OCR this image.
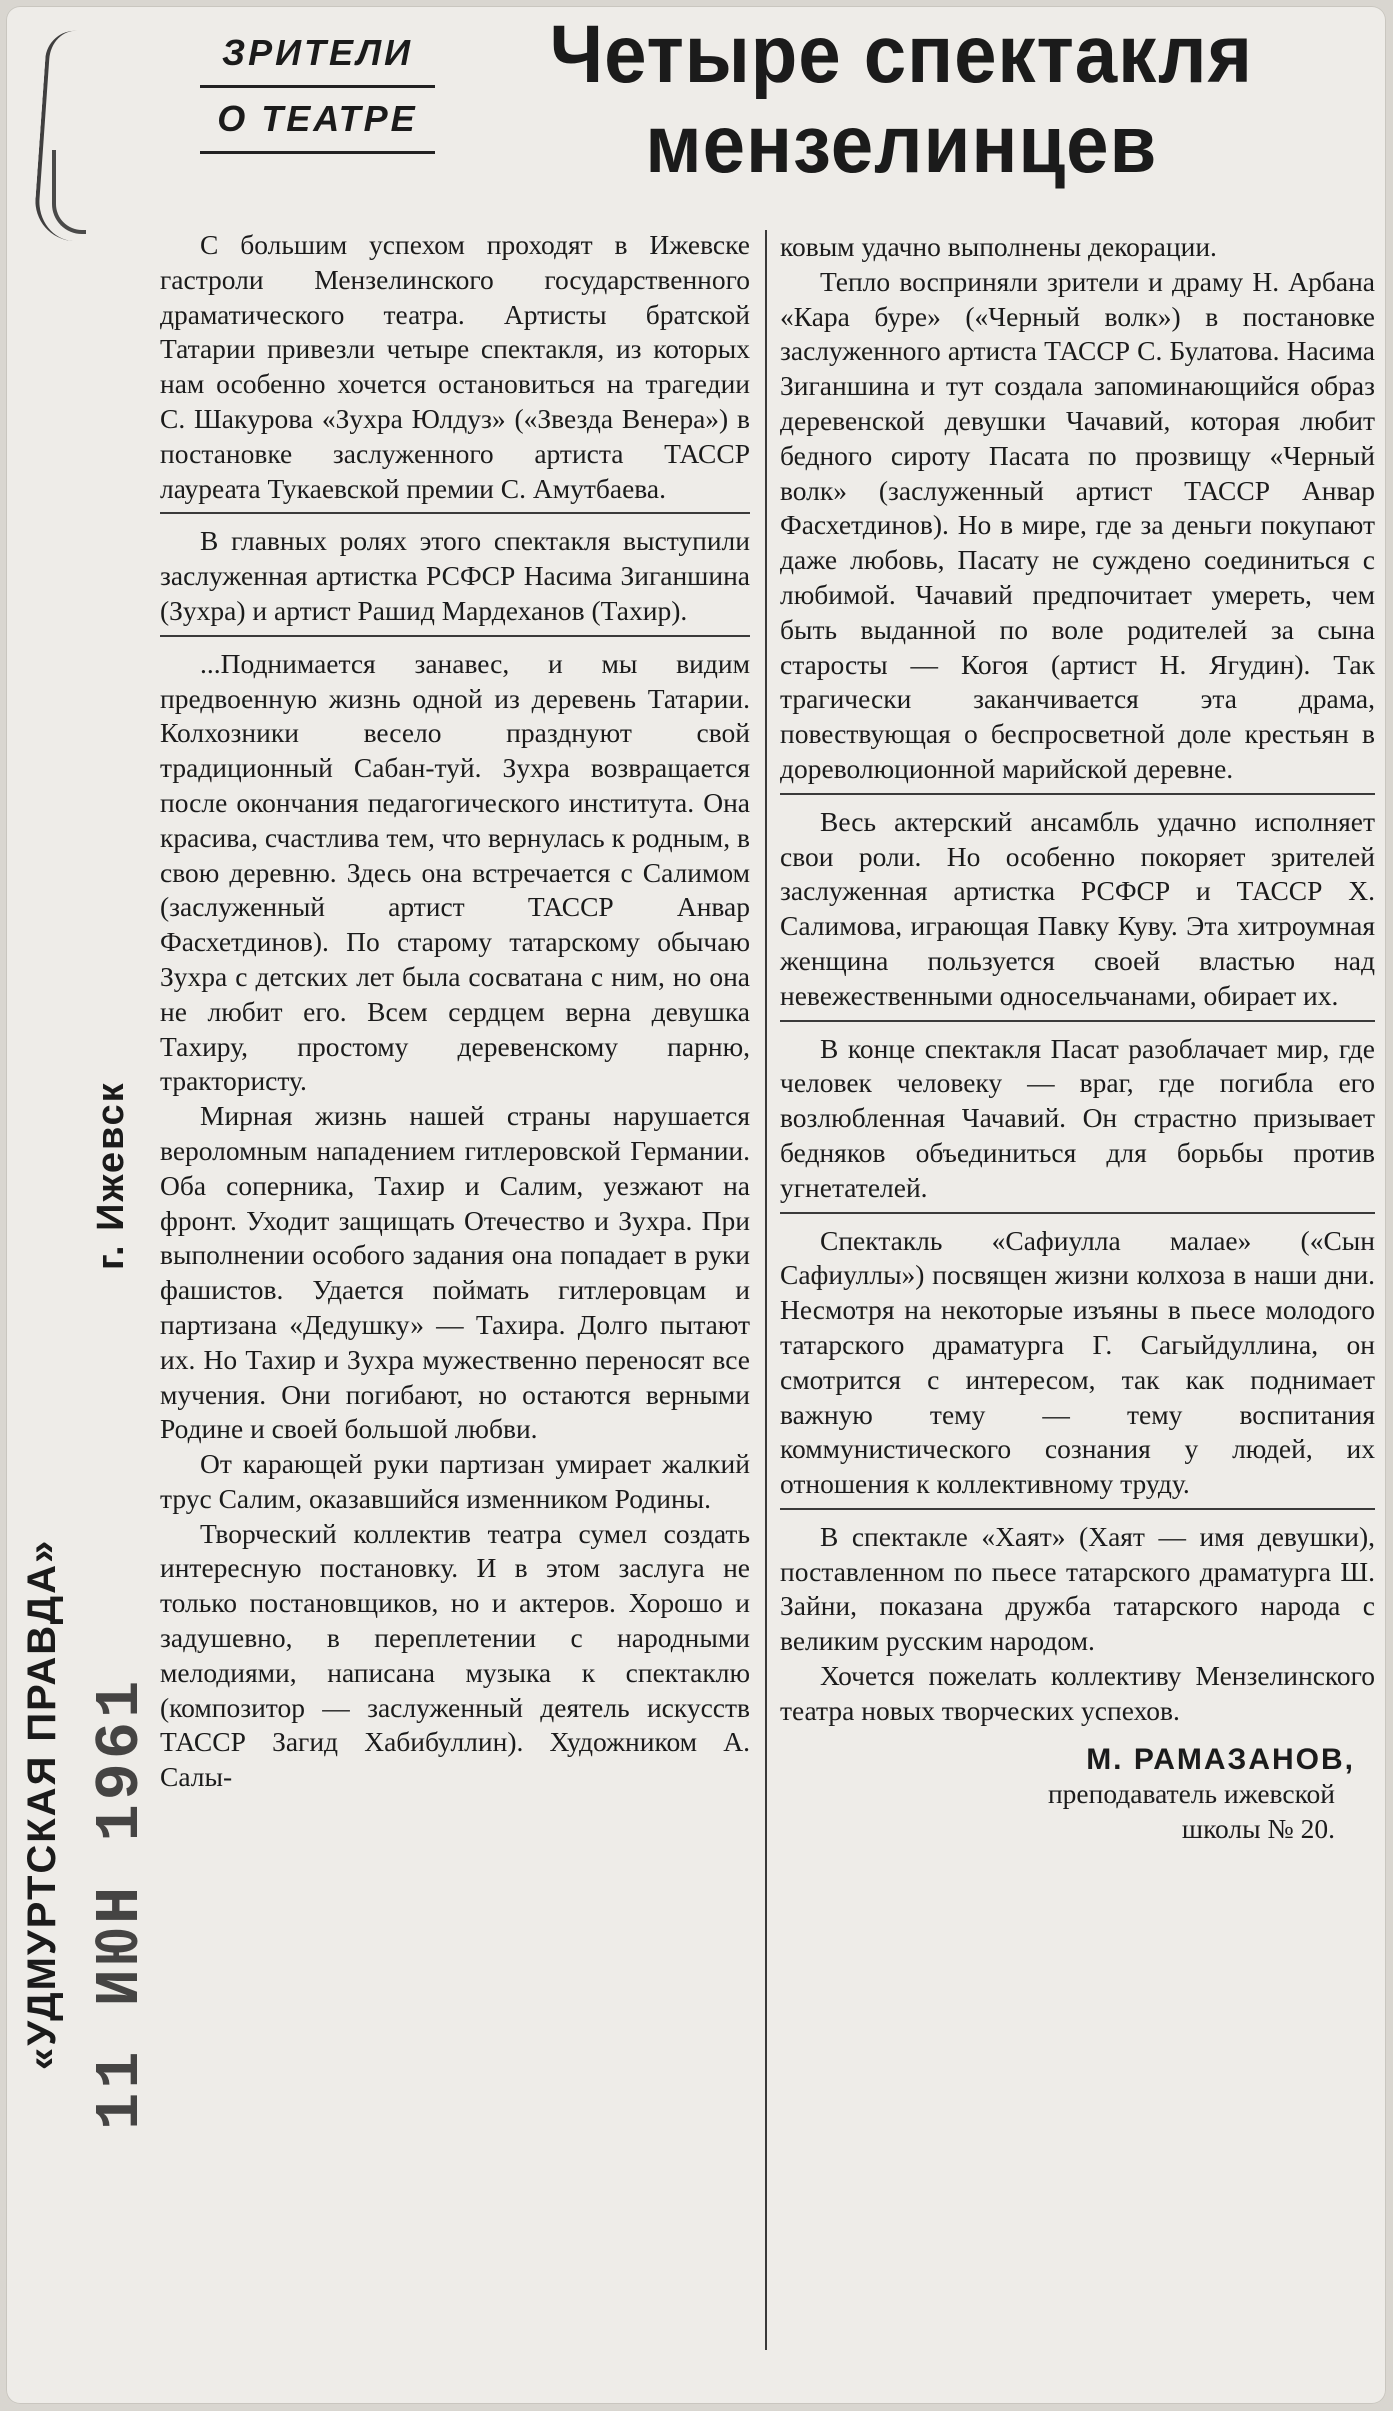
ЗРИТЕЛИ
О ТЕАТРЕ
Четыре спектакля
мензелинцев
«УДМУРТСКАЯ ПРАВДА»
г. Ижевск
11 ИЮН 1961

С большим успехом проходят в Ижевске гастроли Мензелинского государственного драматического театра. Артисты братской Татарии привезли четыре спектакля, из которых нам особенно хочется остановиться на трагедии С. Шакурова «Зухра Юлдуз» («Звезда Венера») в постановке заслуженного артиста ТАССР лауреата Тукаевской премии С. Амутбаева.

В главных ролях этого спектакля выступили заслуженная артистка РСФСР Насима Зиганшина (Зухра) и артист Рашид Мардеханов (Тахир).

...Поднимается занавес, и мы видим предвоенную жизнь одной из деревень Татарии. Колхозники весело празднуют свой традиционный Сабан-туй. Зухра возвращается после окончания педагогического института. Она красива, счастлива тем, что вернулась к родным, в свою деревню. Здесь она встречается с Салимом (заслуженный артист ТАССР Анвар Фасхетдинов). По старому татарскому обычаю Зухра с детских лет была сосватана с ним, но она не любит его. Всем сердцем верна девушка Тахиру, простому деревенскому парню, трактористу.

Мирная жизнь нашей страны нарушается вероломным нападением гитлеровской Германии. Оба соперника, Тахир и Салим, уезжают на фронт. Уходит защищать Отечество и Зухра. При выполнении особого задания она попадает в руки фашистов. Удается поймать гитлеровцам и партизана «Дедушку» — Тахира. Долго пытают их. Но Тахир и Зухра мужественно переносят все мучения. Они погибают, но остаются верными Родине и своей большой любви.

От карающей руки партизан умирает жалкий трус Салим, оказавшийся изменником Родины.

Творческий коллектив театра сумел создать интересную постановку. И в этом заслуга не только постановщиков, но и актеров. Хорошо и задушевно, в переплетении с народными мелодиями, написана музыка к спектаклю (композитор — заслуженный деятель искусств ТАССР Загид Хабибуллин). Художником А. Салы-

ковым удачно выполнены декорации.

Тепло восприняли зрители и драму Н. Арбана «Кара буре» («Черный волк») в постановке заслуженного артиста ТАССР С. Булатова. Насима Зиганшина и тут создала запоминающийся образ деревенской девушки Чачавий, которая любит бедного сироту Пасата по прозвищу «Черный волк» (заслуженный артист ТАССР Анвар Фасхетдинов). Но в мире, где за деньги покупают даже любовь, Пасату не суждено соединиться с любимой. Чачавий предпочитает умереть, чем быть выданной по воле родителей за сына старосты — Когоя (артист Н. Ягудин). Так трагически заканчивается эта драма, повествующая о беспросветной доле крестьян в дореволюционной марийской деревне.

Весь актерский ансамбль удачно исполняет свои роли. Но особенно покоряет зрителей заслуженная артистка РСФСР и ТАССР Х. Салимова, играющая Павку Куву. Эта хитроумная женщина пользуется своей властью над невежественными односельчанами, обирает их.

В конце спектакля Пасат разоблачает мир, где человек человеку — враг, где погибла его возлюбленная Чачавий. Он страстно призывает бедняков объединиться для борьбы против угнетателей.

Спектакль «Сафиулла малае» («Сын Сафиуллы») посвящен жизни колхоза в наши дни. Несмотря на некоторые изъяны в пьесе молодого татарского драматурга Г. Сагыйдуллина, он смотрится с интересом, так как поднимает важную тему — тему воспитания коммунистического сознания у людей, их отношения к коллективному труду.

В спектакле «Хаят» (Хаят — имя девушки), поставленном по пьесе татарского драматурга Ш. Зайни, показана дружба татарского народа с великим русским народом.

Хочется пожелать коллективу Мензелинского театра новых творческих успехов.

М. РАМАЗАНОВ,

преподаватель ижевской

школы № 20.
